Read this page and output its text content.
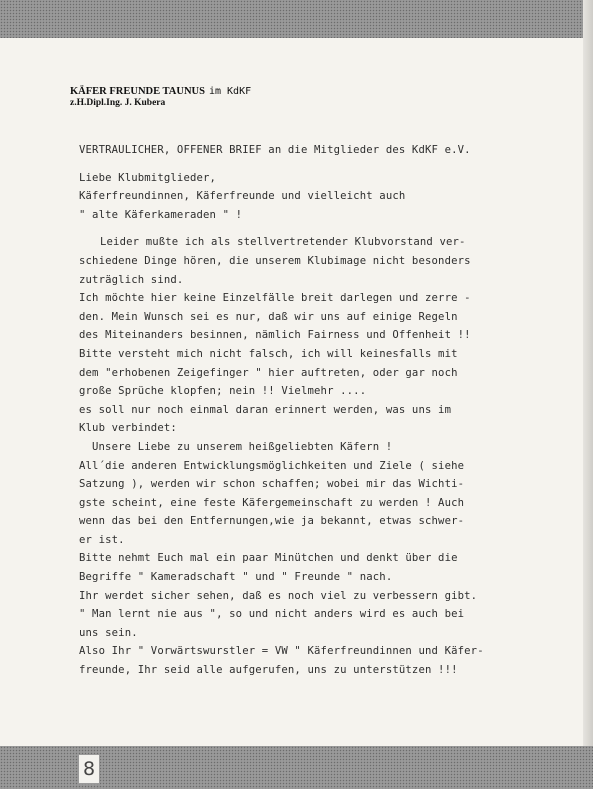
KÄFER FREUNDE TAUNUS im KdKF
z.H.Dipl.Ing. J. Kubera

VERTRAULICHER, OFFENER BRIEF an die Mitglieder des KdKF e.V.

Liebe Klubmitglieder,

Käferfreundinnen, Käferfreunde und vielleicht auch

" alte Käferkameraden " !

Leider mußte ich als stellvertretender Klubvorstand ver-

schiedene Dinge hören, die unserem Klubimage nicht besonders

zuträglich sind.

Ich möchte hier keine Einzelfälle breit darlegen und zerre -

den. Mein Wunsch sei es nur, daß wir uns auf einige Regeln

des Miteinanders besinnen, nämlich Fairness und Offenheit !!

Bitte versteht mich nicht falsch, ich will keinesfalls mit

dem "erhobenen Zeigefinger " hier auftreten, oder gar noch

große Sprüche klopfen; nein !! Vielmehr ....

es soll nur noch einmal daran erinnert werden, was uns im

Klub verbindet:

Unsere Liebe zu unserem heißgeliebten Käfern !

All´die anderen Entwicklungsmöglichkeiten und Ziele ( siehe

Satzung ), werden wir schon schaffen; wobei mir das Wichti-

gste scheint, eine feste Käfergemeinschaft zu werden ! Auch

wenn das bei den Entfernungen,wie ja bekannt, etwas schwer-

er ist.

Bitte nehmt Euch mal ein paar Minütchen und denkt über die

Begriffe " Kameradschaft " und " Freunde " nach.

Ihr werdet sicher sehen, daß es noch viel zu verbessern gibt.

" Man lernt nie aus ", so und nicht anders wird es auch bei

uns sein.

Also Ihr " Vorwärtswurstler = VW " Käferfreundinnen und Käfer-

freunde, Ihr seid alle aufgerufen, uns zu unterstützen !!!

8
